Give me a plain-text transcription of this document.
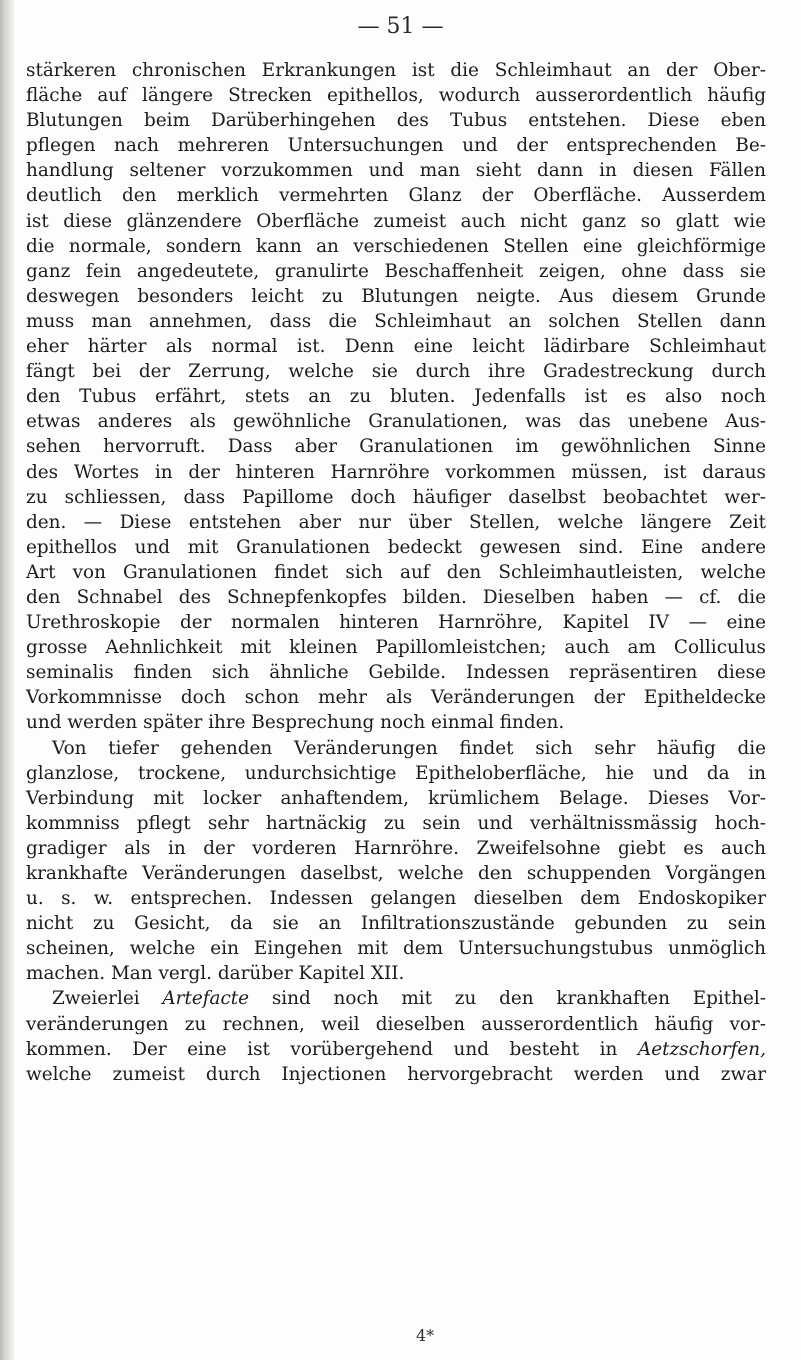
— 51 —
stärkeren chronischen Erkrankungen ist die Schleimhaut an der Ober-
fläche auf längere Strecken epithellos, wodurch ausserordentlich häufig
Blutungen beim Darüberhingehen des Tubus entstehen. Diese eben
pflegen nach mehreren Untersuchungen und der entsprechenden Be-
handlung seltener vorzukommen und man sieht dann in diesen Fällen
deutlich den merklich vermehrten Glanz der Oberfläche. Ausserdem
ist diese glänzendere Oberfläche zumeist auch nicht ganz so glatt wie
die normale, sondern kann an verschiedenen Stellen eine gleichförmige
ganz fein angedeutete, granulirte Beschaffenheit zeigen, ohne dass sie
deswegen besonders leicht zu Blutungen neigte. Aus diesem Grunde
muss man annehmen, dass die Schleimhaut an solchen Stellen dann
eher härter als normal ist. Denn eine leicht lädirbare Schleimhaut
fängt bei der Zerrung, welche sie durch ihre Gradestreckung durch
den Tubus erfährt, stets an zu bluten. Jedenfalls ist es also noch
etwas anderes als gewöhnliche Granulationen, was das unebene Aus-
sehen hervorruft. Dass aber Granulationen im gewöhnlichen Sinne
des Wortes in der hinteren Harnröhre vorkommen müssen, ist daraus
zu schliessen, dass Papillome doch häufiger daselbst beobachtet wer-
den. — Diese entstehen aber nur über Stellen, welche längere Zeit
epithellos und mit Granulationen bedeckt gewesen sind. Eine andere
Art von Granulationen findet sich auf den Schleimhautleisten, welche
den Schnabel des Schnepfenkopfes bilden. Dieselben haben — cf. die
Urethroskopie der normalen hinteren Harnröhre, Kapitel IV — eine
grosse Aehnlichkeit mit kleinen Papillomleistchen; auch am Colliculus
seminalis finden sich ähnliche Gebilde. Indessen repräsentiren diese
Vorkommnisse doch schon mehr als Veränderungen der Epitheldecke
und werden später ihre Besprechung noch einmal finden.
Von tiefer gehenden Veränderungen findet sich sehr häufig die
glanzlose, trockene, undurchsichtige Epitheloberfläche, hie und da in
Verbindung mit locker anhaftendem, krümlichem Belage. Dieses Vor-
kommniss pflegt sehr hartnäckig zu sein und verhältnissmässig hoch-
gradiger als in der vorderen Harnröhre. Zweifelsohne giebt es auch
krankhafte Veränderungen daselbst, welche den schuppenden Vorgängen
u. s. w. entsprechen. Indessen gelangen dieselben dem Endoskopiker
nicht zu Gesicht, da sie an Infiltrationszustände gebunden zu sein
scheinen, welche ein Eingehen mit dem Untersuchungstubus unmöglich
machen. Man vergl. darüber Kapitel XII.
Zweierlei Artefacte sind noch mit zu den krankhaften Epithel-
veränderungen zu rechnen, weil dieselben ausserordentlich häufig vor-
kommen. Der eine ist vorübergehend und besteht in Aetzschorfen,
welche zumeist durch Injectionen hervorgebracht werden und zwar
4*
